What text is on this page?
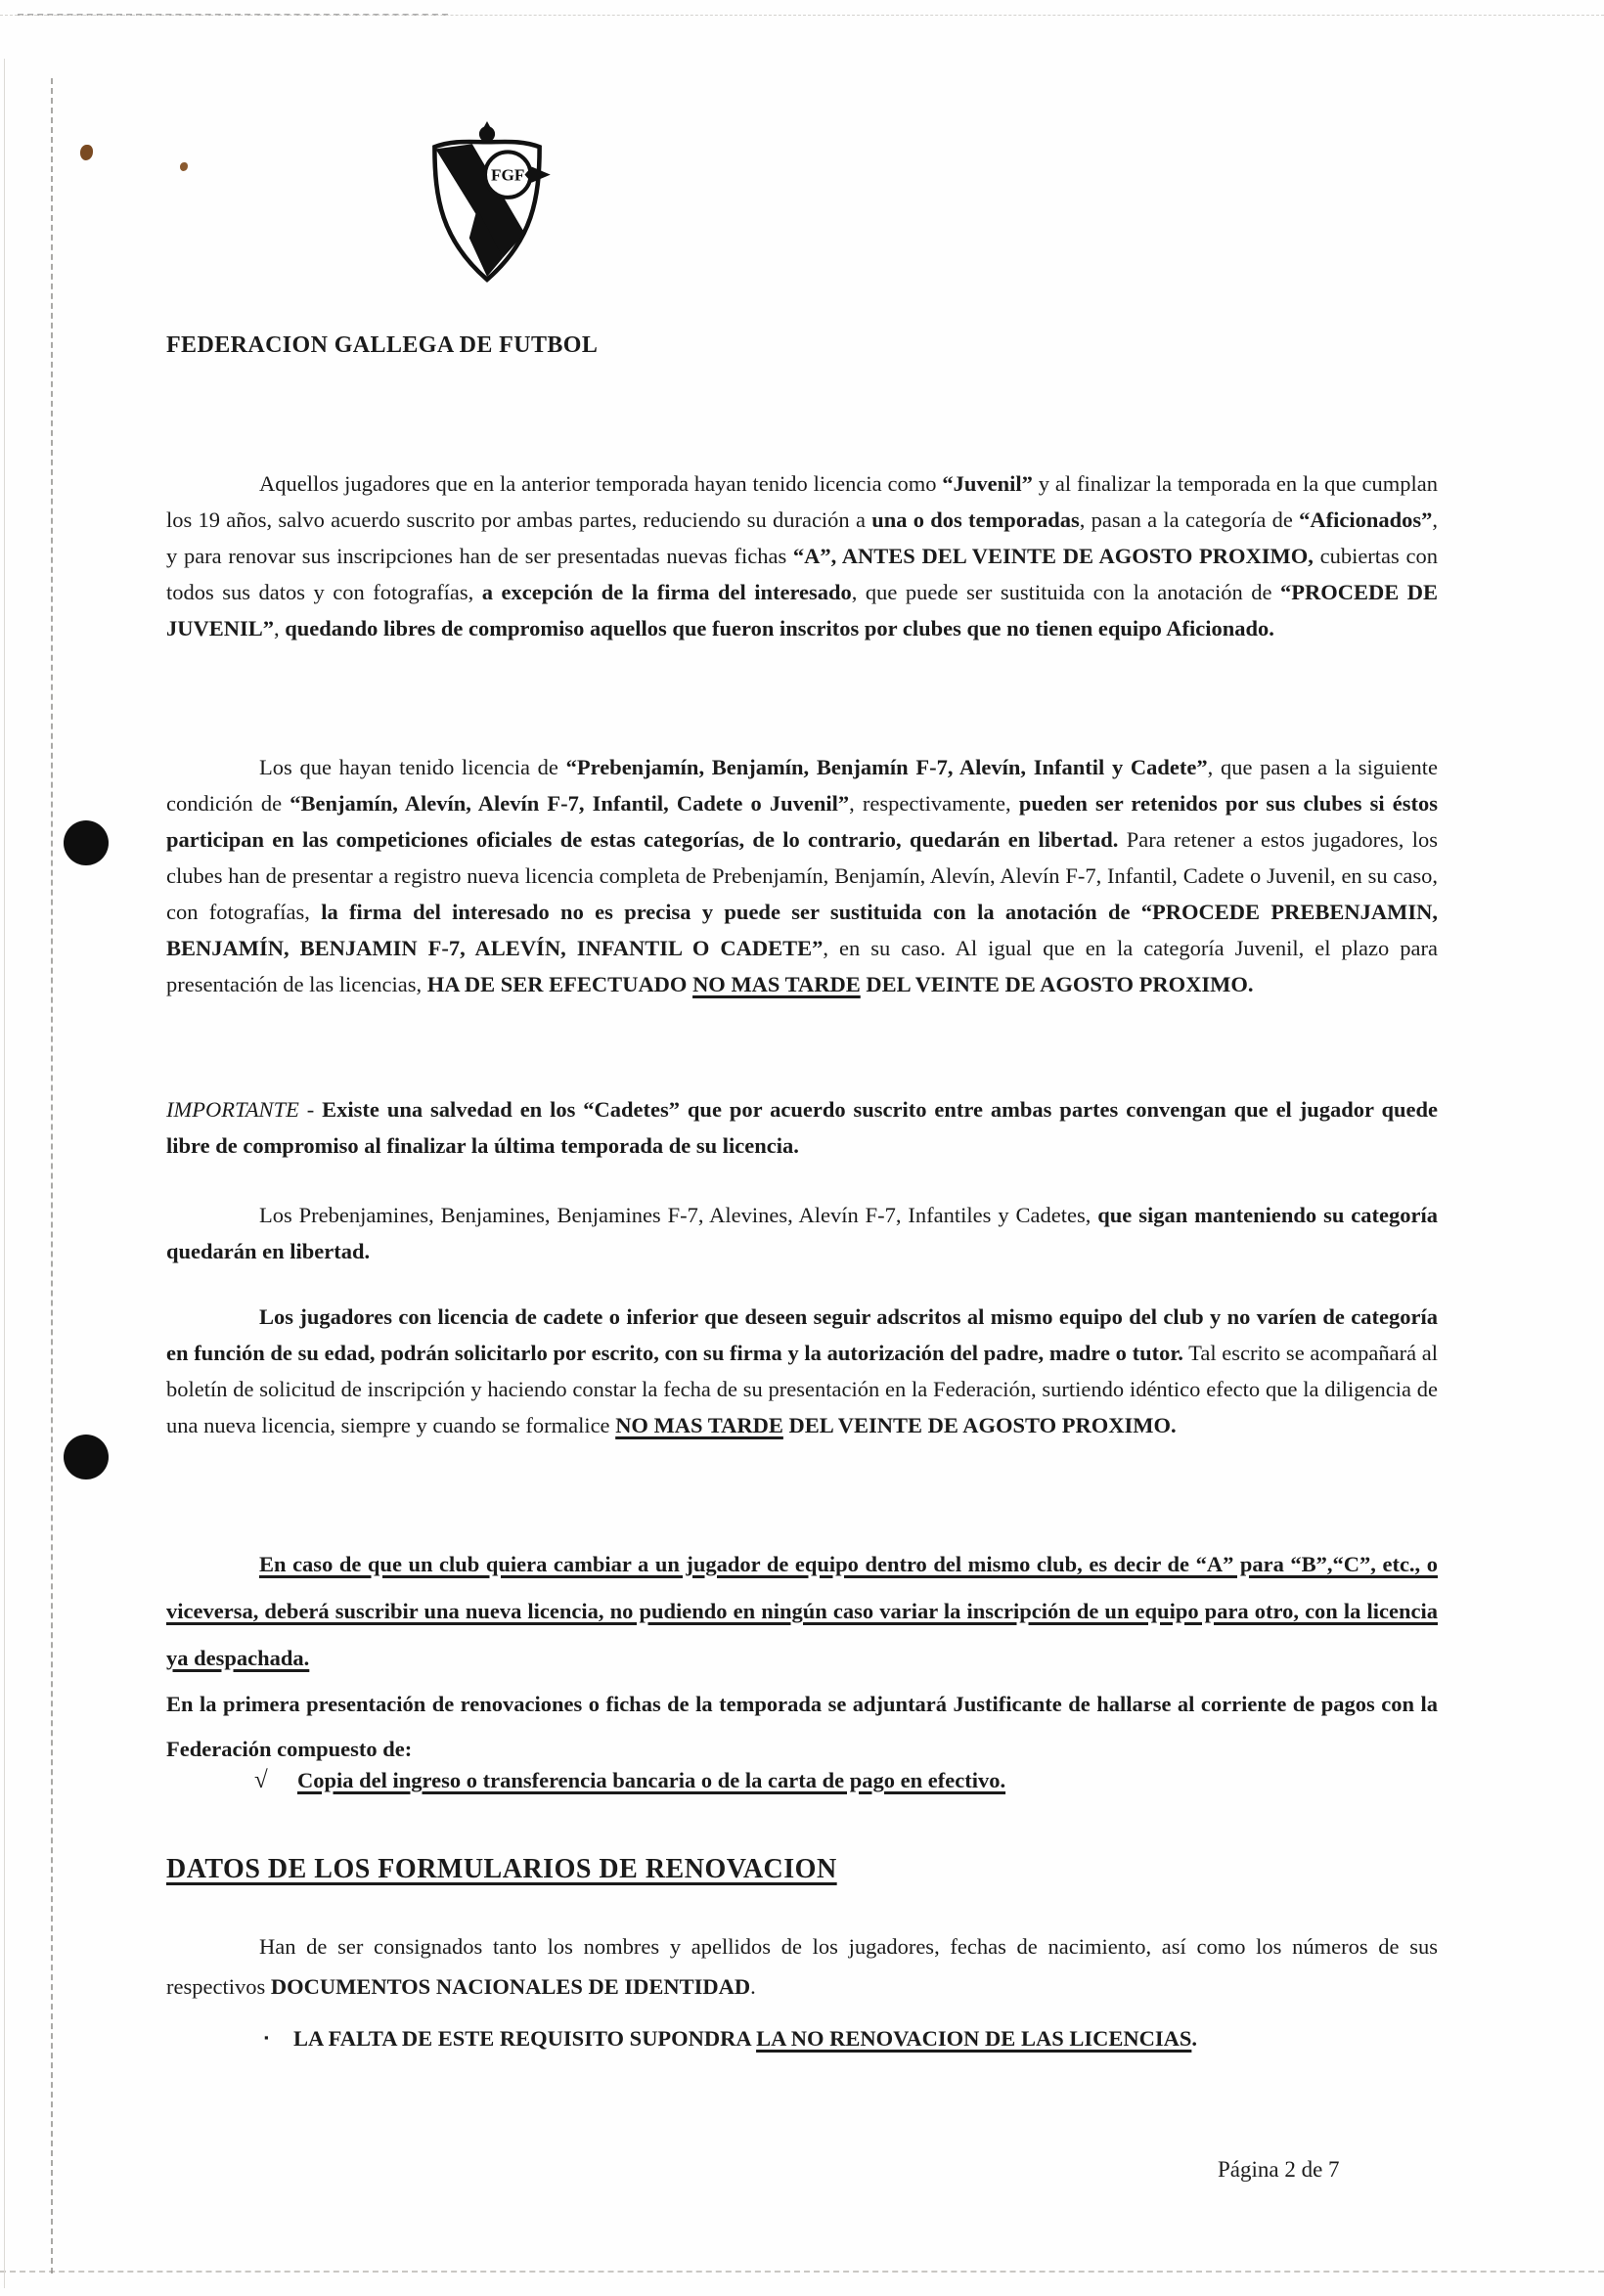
FGF
FEDERACION GALLEGA DE FUTBOL

Aquellos jugadores que en la anterior temporada hayan tenido licencia como “Juvenil” y al finalizar la temporada en la que cumplan los 19 años, salvo acuerdo suscrito por ambas partes, reduciendo su duración a una o dos temporadas, pasan a la categoría de “Aficionados”, y para renovar sus inscripciones han de ser presentadas nuevas fichas “A”, ANTES DEL VEINTE DE AGOSTO PROXIMO, cubiertas con todos sus datos y con fotografías, a excepción de la firma del interesado, que puede ser sustituida con la anotación de “PROCEDE DE JUVENIL”, quedando libres de compromiso aquellos que fueron inscritos por clubes que no tienen equipo Aficionado.

Los que hayan tenido licencia de “Prebenjamín, Benjamín, Benjamín F-7, Alevín, Infantil y Cadete”, que pasen a la siguiente condición de “Benjamín, Alevín, Alevín F-7, Infantil, Cadete o Juvenil”, respectivamente, pueden ser retenidos por sus clubes si éstos participan en las competiciones oficiales de estas categorías, de lo contrario, quedarán en libertad. Para retener a estos jugadores, los clubes han de presentar a registro nueva licencia completa de Prebenjamín, Benjamín, Alevín, Alevín F-7, Infantil, Cadete o Juvenil, en su caso, con fotografías, la firma del interesado no es precisa y puede ser sustituida con la anotación de “PROCEDE PREBENJAMIN, BENJAMÍN, BENJAMIN F-7, ALEVÍN, INFANTIL O CADETE”, en su caso. Al igual que en la categoría Juvenil, el plazo para presentación de las licencias, HA DE SER EFECTUADO NO MAS TARDE DEL VEINTE DE AGOSTO PROXIMO.

IMPORTANTE - Existe una salvedad en los “Cadetes” que por acuerdo suscrito entre ambas partes convengan que el jugador quede libre de compromiso al finalizar la última temporada de su licencia.

Los Prebenjamines, Benjamines, Benjamines F-7, Alevines, Alevín F-7, Infantiles y Cadetes, que sigan manteniendo su categoría quedarán en libertad.

Los jugadores con licencia de cadete o inferior que deseen seguir adscritos al mismo equipo del club y no varíen de categoría en función de su edad, podrán solicitarlo por escrito, con su firma y la autorización del padre, madre o tutor. Tal escrito se acompañará al boletín de solicitud de inscripción y haciendo constar la fecha de su presentación en la Federación, surtiendo idéntico efecto que la diligencia de una nueva licencia, siempre y cuando se formalice NO MAS TARDE DEL VEINTE DE AGOSTO PROXIMO.

En caso de que un club quiera cambiar a un jugador de equipo dentro del mismo club, es decir de “A” para “B”,“C”, etc., o viceversa, deberá suscribir una nueva licencia, no pudiendo en ningún caso variar la inscripción de un equipo para otro, con la licencia ya despachada.

En la primera presentación de renovaciones o fichas de la temporada se adjuntará Justificante de hallarse al corriente de pagos con la Federación compuesto de:

√	Copia del ingreso o transferencia bancaria o de la carta de pago en efectivo.
DATOS DE LOS FORMULARIOS DE RENOVACION

Han de ser consignados tanto los nombres y apellidos de los jugadores, fechas de nacimiento, así como los números de sus respectivos DOCUMENTOS NACIONALES DE IDENTIDAD.

▪	LA FALTA DE ESTE REQUISITO SUPONDRA LA NO RENOVACION DE LAS LICENCIAS.
Página 2 de 7
